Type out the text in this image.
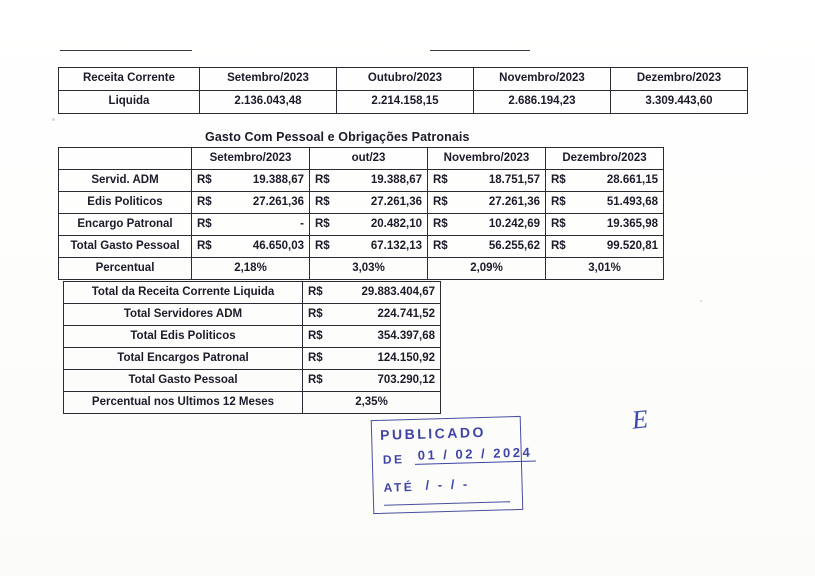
Receita Corrente	Setembro/2023	Outubro/2023	Novembro/2023	Dezembro/2023
Liquida	2.136.043,48	2.214.158,15	2.686.194,23	3.309.443,60
Gasto Com Pessoal e Obrigações Patronais
	Setembro/2023		out/23		Novembro/2023		Dezembro/2023	
Servid. ADM	R$	19.388,67	R$	19.388,67	R$	18.751,57	R$	28.661,15
Edis Politicos	R$	27.261,36	R$	27.261,36	R$	27.261,36	R$	51.493,68
Encargo Patronal	R$	-	R$	20.482,10	R$	10.242,69	R$	19.365,98
Total Gasto Pessoal	R$	46.650,03	R$	67.132,13	R$	56.255,62	R$	99.520,81
Percentual	2,18%		3,03%		2,09%		3,01%	
Total da Receita Corrente Liquida	R$	29.883.404,67
Total Servidores ADM	R$	224.741,52
Total Edis Politicos	R$	354.397,68
Total Encargos Patronal	R$	124.150,92
Total Gasto Pessoal	R$	703.290,12
Percentual nos Ultimos 12 Meses	2,35%	
PUBLICADO
DE 01 / 02 / 2024
ATÉ / - / -
E
